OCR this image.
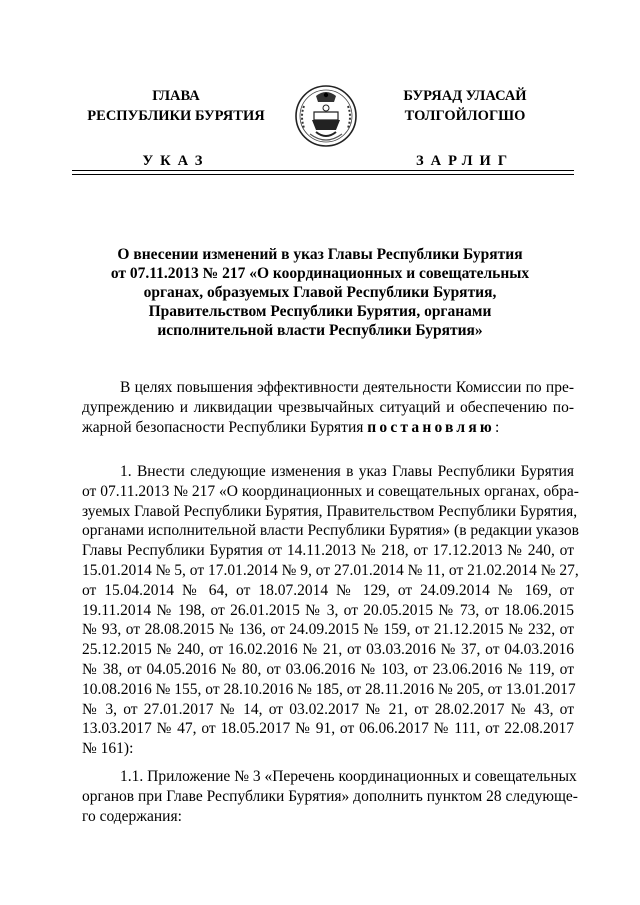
ГЛАВА
РЕСПУБЛИКИ БУРЯТИЯ
УКАЗ
БУРЯАД УЛАСАЙ
ТОЛГОЙЛОГШО
ЗАРЛИГ
О внесении изменений в указ Главы Республики Бурятия
от 07.11.2013 № 217 «О координационных и совещательных
органах, образуемых Главой Республики Бурятия,
Правительством Республики Бурятия, органами
исполнительной власти Республики Бурятия»
В целях повышения эффективности деятельности Комиссии по пре-
дупреждению и ликвидации чрезвычайных ситуаций и обеспечению по-
жарной безопасности Республики Бурятия постановляю:
1. Внести следующие изменения в указ Главы Республики Бурятия
от 07.11.2013 № 217 «О координационных и совещательных органах, обра-
зуемых Главой Республики Бурятия, Правительством Республики Бурятия,
органами исполнительной власти Республики Бурятия» (в редакции указов
Главы Республики Бурятия от 14.11.2013 № 218, от 17.12.2013 № 240, от
15.01.2014 № 5, от 17.01.2014 № 9, от 27.01.2014 № 11, от 21.02.2014 № 27,
от 15.04.2014 № 64, от 18.07.2014 № 129, от 24.09.2014 № 169, от
19.11.2014 № 198, от 26.01.2015 № 3, от 20.05.2015 № 73, от 18.06.2015
№ 93, от 28.08.2015 № 136, от 24.09.2015 № 159, от 21.12.2015 № 232, от
25.12.2015 № 240, от 16.02.2016 № 21, от 03.03.2016 № 37, от 04.03.2016
№ 38, от 04.05.2016 № 80, от 03.06.2016 № 103, от 23.06.2016 № 119, от
10.08.2016 № 155, от 28.10.2016 № 185, от 28.11.2016 № 205, от 13.01.2017
№ 3, от 27.01.2017 № 14, от 03.02.2017 № 21, от 28.02.2017 № 43, от
13.03.2017 № 47, от 18.05.2017 № 91, от 06.06.2017 № 111, от 22.08.2017
№ 161):
1.1. Приложение № 3 «Перечень координационных и совещательных
органов при Главе Республики Бурятия» дополнить пунктом 28 следующе-
го содержания:
